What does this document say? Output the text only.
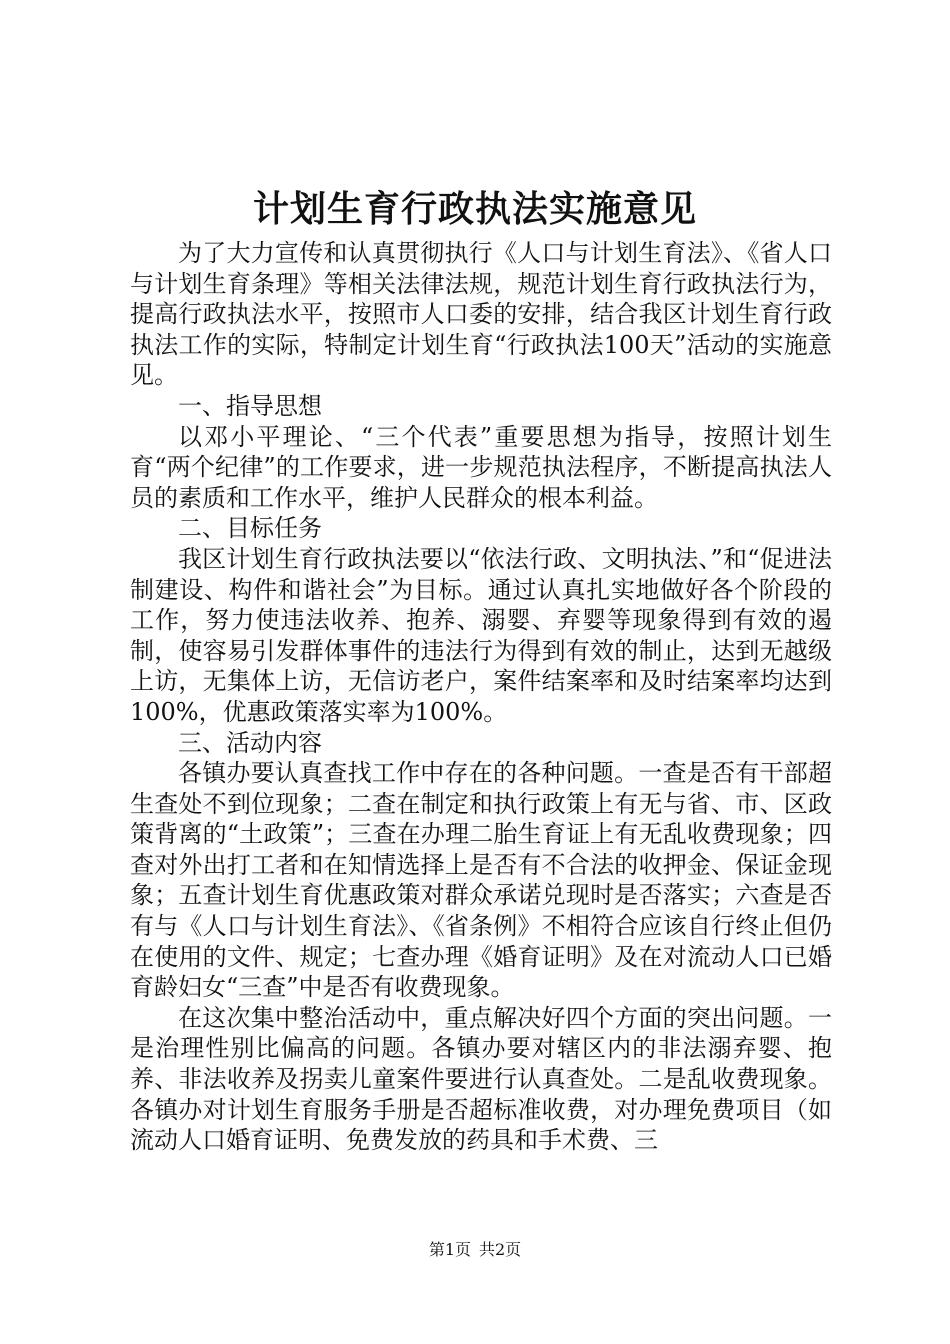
计划生育行政执法实施意见

为了大力宣传和认真贯彻执行《人口与计划生育法》、《省人口与计划生育条理》等相关法律法规，规范计划生育行政执法行为，提高行政执法水平，按照市人口委的安排，结合我区计划生育行政执法工作的实际，特制定计划生育“行政执法100天”活动的实施意见。

一、指导思想

以邓小平理论、“三个代表”重要思想为指导，按照计划生育“两个纪律”的工作要求，进一步规范执法程序，不断提高执法人员的素质和工作水平，维护人民群众的根本利益。

二、目标任务

我区计划生育行政执法要以“依法行政、文明执法、”和“促进法制建设、构件和谐社会”为目标。通过认真扎实地做好各个阶段的工作，努力使违法收养、抱养、溺婴、弃婴等现象得到有效的遏制，使容易引发群体事件的违法行为得到有效的制止，达到无越级上访，无集体上访，无信访老户，案件结案率和及时结案率均达到100%，优惠政策落实率为100%。

三、活动内容

各镇办要认真查找工作中存在的各种问题。一查是否有干部超生查处不到位现象；二查在制定和执行政策上有无与省、市、区政策背离的“土政策”；三查在办理二胎生育证上有无乱收费现象；四查对外出打工者和在知情选择上是否有不合法的收押金、保证金现象；五查计划生育优惠政策对群众承诺兑现时是否落实；六查是否有与《人口与计划生育法》、《省条例》不相符合应该自行终止但仍在使用的文件、规定；七查办理《婚育证明》及在对流动人口已婚育龄妇女“三查”中是否有收费现象。

在这次集中整治活动中，重点解决好四个方面的突出问题。一是治理性别比偏高的问题。各镇办要对辖区内的非法溺弃婴、抱养、非法收养及拐卖儿童案件要进行认真查处。二是乱收费现象。各镇办对计划生育服务手册是否超标准收费，对办理免费项目（如流动人口婚育证明、免费发放的药具和手术费、三

第1页 共2页
